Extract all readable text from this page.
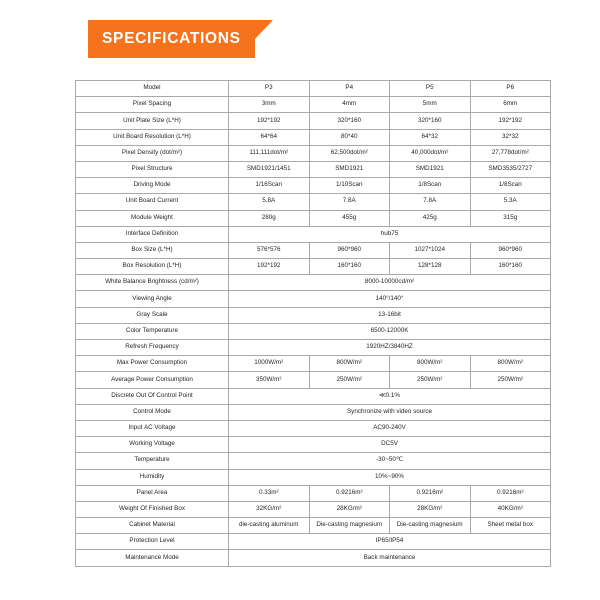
SPECIFICATIONS
Model	P3	P4	P5	P6
Pixel Spacing	3mm	4mm	5mm	6mm
Unit Plate Size (L*H)	192*192	320*160	320*160	192*192
Unit Board Resolution (L*H)	64*64	80*40	64*32	32*32
Pixel Density (dot/m²)	111,111dot/m²	62,500dot/m²	40,000dot/m²	27,778dot/m²
Pixel Structure	SMD1921/1451	SMD1921	SMD1921	SMD3535/2727
Driving Mode	1/16Scan	1/10Scan	1/8Scan	1/8Scan
Unit Board Current	5.8A	7.8A	7.8A	5.3A
Module Weight	280g	455g	425g	315g
Interface Definition	hub75			
Box Size (L*H)	576*576	960*960	1027*1024	960*960
Box Resolution (L*H)	192*192	160*160	128*128	160*160
White Balance Brightness (cd/m²)	8000-10000cd/m²			
Viewing Angle	140°/140°			
Gray Scale	13-16bit			
Color Temperature	6500-12000K			
Refresh Frequency	1920HZ/3840HZ			
Max Power Consumption	1000W/m²	800W/m²	800W/m²	800W/m²
Average Power Consumption	350W/m²	250W/m²	250W/m²	250W/m²
Discrete Out Of Control Point	≪0.1%			
Control Mode	Synchronize with video source			
Input AC Voltage	AC90-240V			
Working Voltage	DC5V			
Temperature	-30~50℃			
Humidity	10%~90%			
Panel Area	0.33m²	0.9216m²	0.9216m²	0.9216m²
Weight Of Finished Box	32KG/m²	28KG/m²	28KG/m²	40KG/m²
Cabinet Material	die-casting aluminum	Die-casting magnesium	Die-casting magnesium	Sheet metal box
Protection Level	IP65/IP54			
Maintenance Mode	Back maintenance			
